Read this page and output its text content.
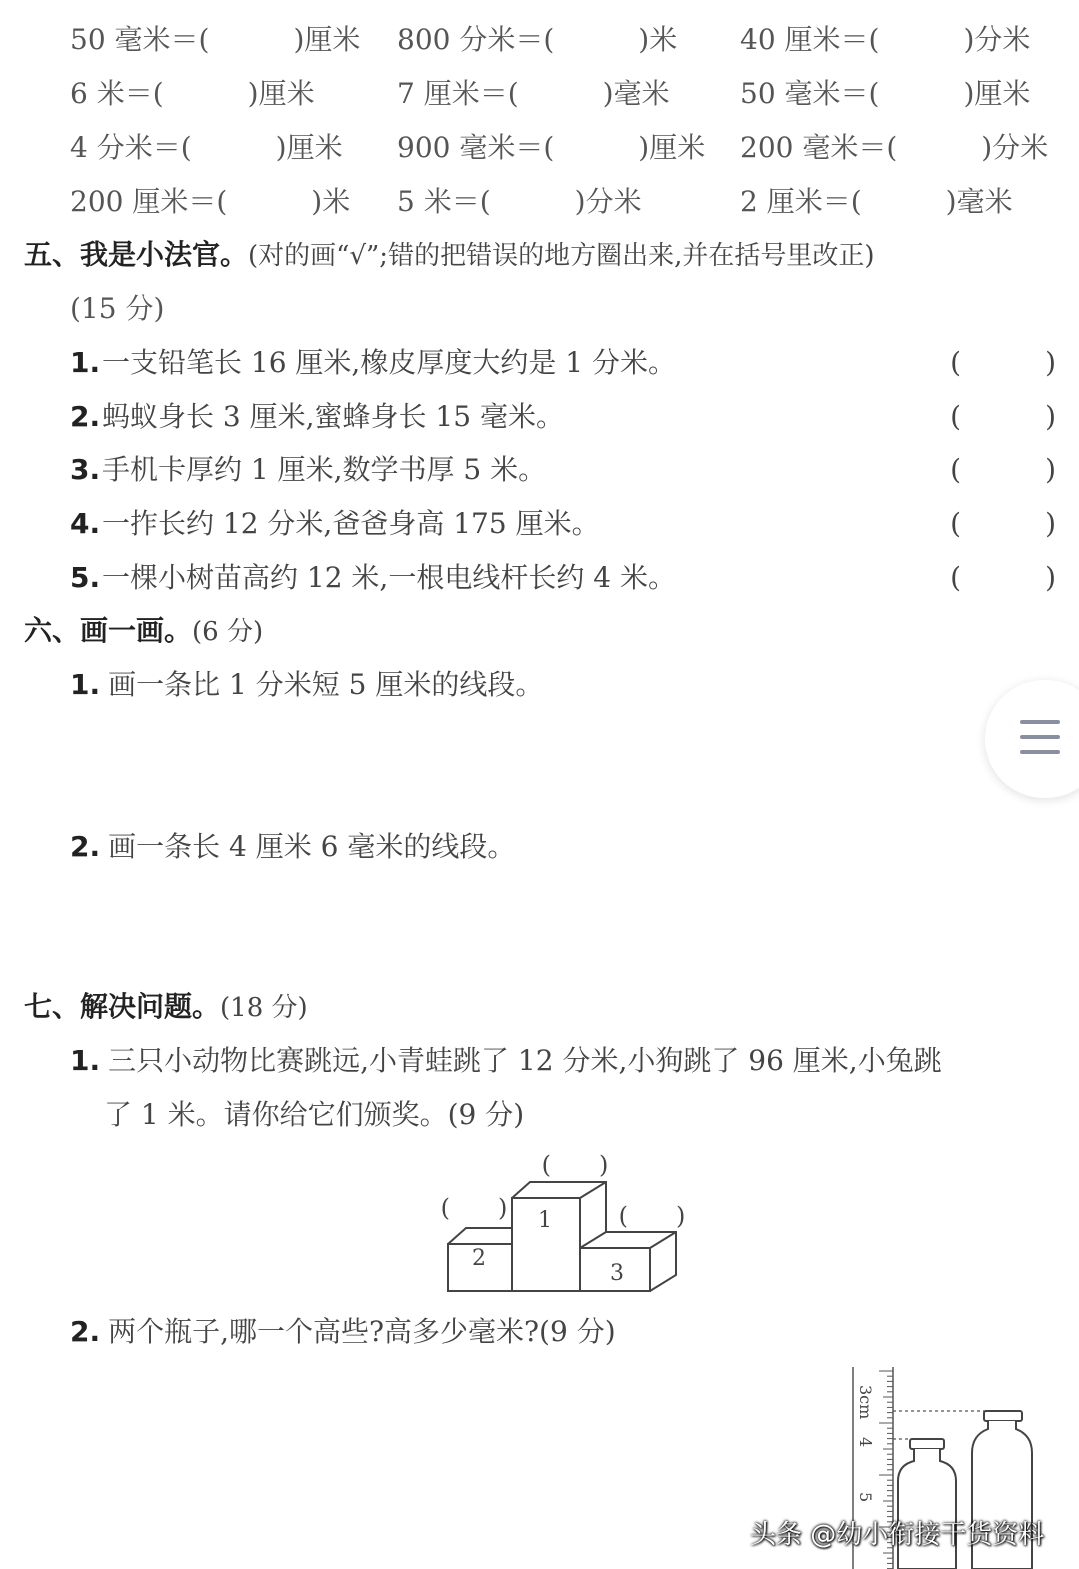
50 毫米＝(　　　)厘米 800 分米＝(　　　)米 40 厘米＝(　　　)分米
6 米＝(　　　)厘米	7 厘米＝(　　　)毫米	50 毫米＝(　　　)厘米
4 分米＝(　　　)厘米 900 毫米＝(　　　)厘米 200 毫米＝(　　　)分米
200 厘米＝(　　　)米 5 米＝(　　　)分米	2 厘米＝(　　　)毫米
五、我是小法官。(对的画“√”;错的把错误的地方圈出来,并在括号里改正)
(15 分)
1. 一支铅笔长 16 厘米,橡皮厚度大约是 1 分米。	(　　　)
2. 蚂蚁身长 3 厘米,蜜蜂身长 15 毫米。	(　　　)
3. 手机卡厚约 1 厘米,数学书厚 5 米。	(　　　)
4. 一拃长约 12 分米,爸爸身高 175 厘米。	(　　　)
5. 一棵小树苗高约 12 米,一根电线杆长约 4 米。	(　　　)
六、画一画。(6 分)
1. 画一条比 1 分米短 5 厘米的线段。
2. 画一条长 4 厘米 6 毫米的线段。
七、解决问题。(18 分)
1. 三只小动物比赛跳远,小青蛙跳了 12 分米,小狗跳了 96 厘米,小兔跳
了 1 米。请你给它们颁奖。(9 分)
1
2
3
(　　)
(　　)	(　　)
2. 两个瓶子,哪一个高些?高多少毫米?(9 分)
3cm
4
5
头条 @幼小衔接干货资料
